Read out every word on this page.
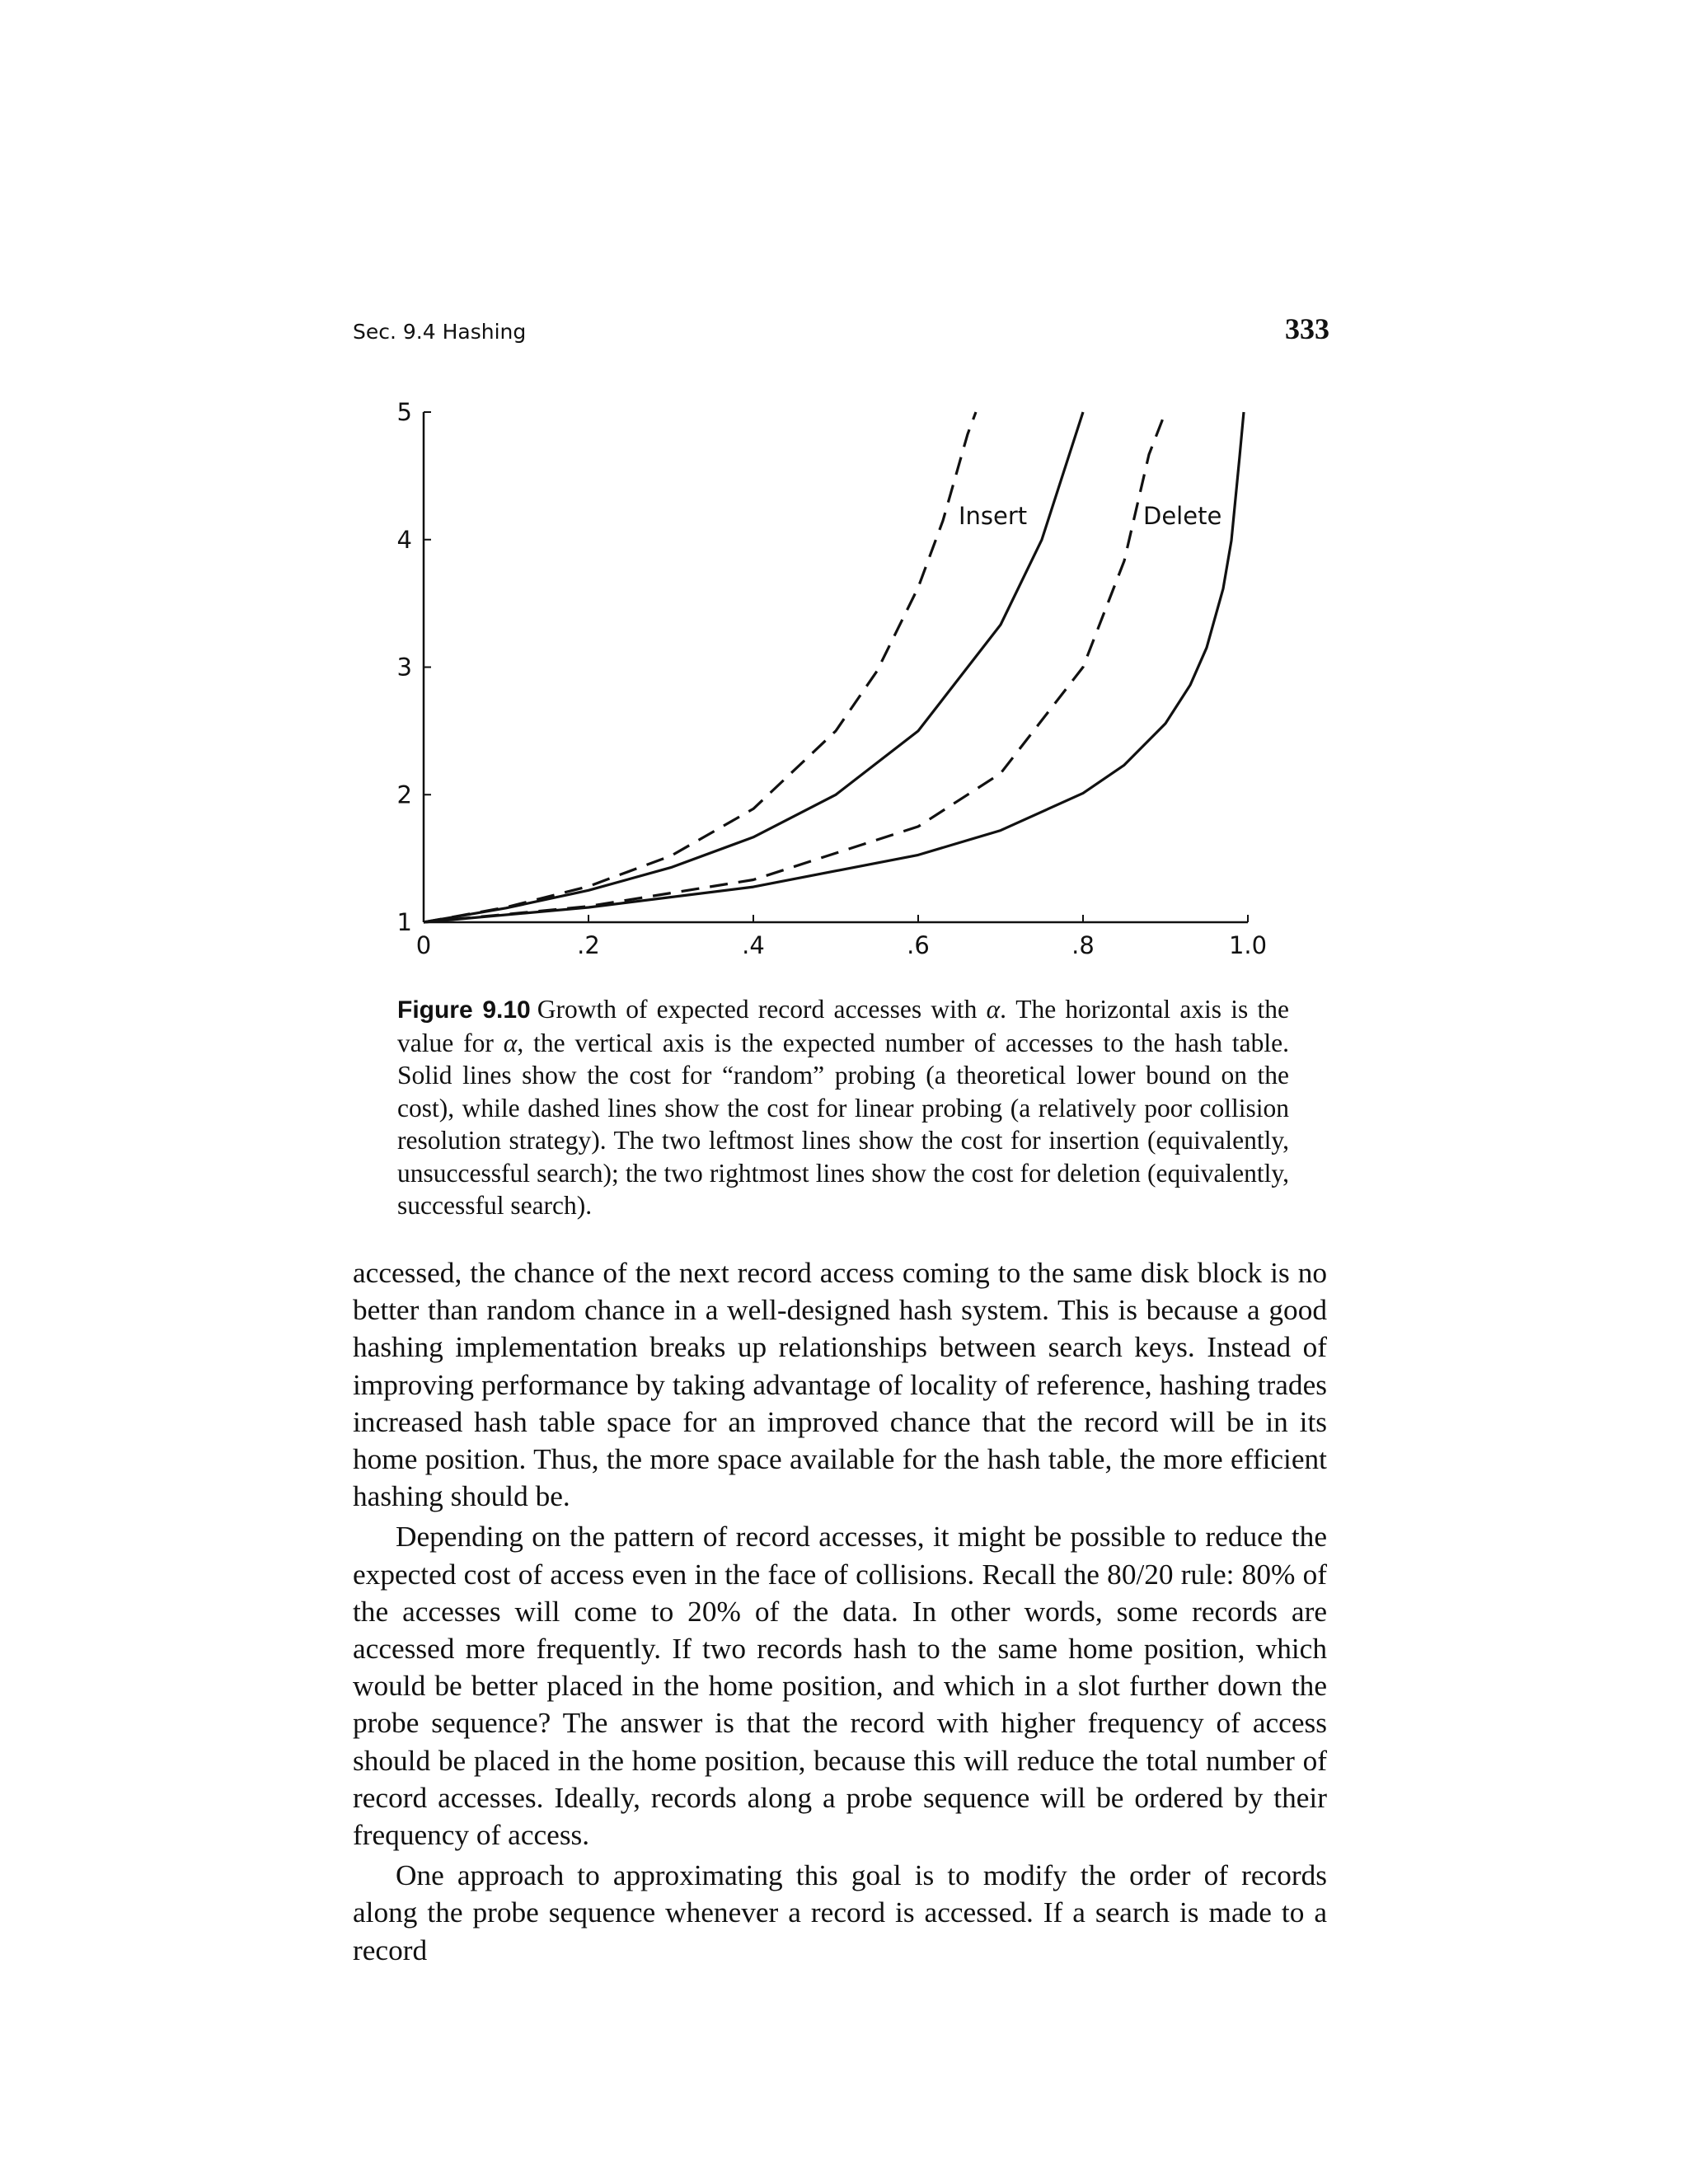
Sec. 9.4 Hashing	333
0	.2	.4	.6	.8	1.0
1
2
3
4
5
Insert	Delete
Figure 9.10 Growth of expected record accesses with α. The horizontal axis is the value for α, the vertical axis is the expected number of accesses to the hash table. Solid lines show the cost for “random” probing (a theoretical lower bound on the cost), while dashed lines show the cost for linear probing (a relatively poor collision resolution strategy). The two leftmost lines show the cost for insertion (equivalently, unsuccessful search); the two rightmost lines show the cost for deletion (equivalently, successful search).

accessed, the chance of the next record access coming to the same disk block is no better than random chance in a well-designed hash system. This is because a good hashing implementation breaks up relationships between search keys. Instead of improving performance by taking advantage of locality of reference, hashing trades increased hash table space for an improved chance that the record will be in its home position. Thus, the more space available for the hash table, the more efficient hashing should be.

Depending on the pattern of record accesses, it might be possible to reduce the expected cost of access even in the face of collisions. Recall the 80/20 rule: 80% of the accesses will come to 20% of the data. In other words, some records are accessed more frequently. If two records hash to the same home position, which would be better placed in the home position, and which in a slot further down the probe sequence? The answer is that the record with higher frequency of access should be placed in the home position, because this will reduce the total number of record accesses. Ideally, records along a probe sequence will be ordered by their frequency of access.

One approach to approximating this goal is to modify the order of records along the probe sequence whenever a record is accessed. If a search is made to a record
